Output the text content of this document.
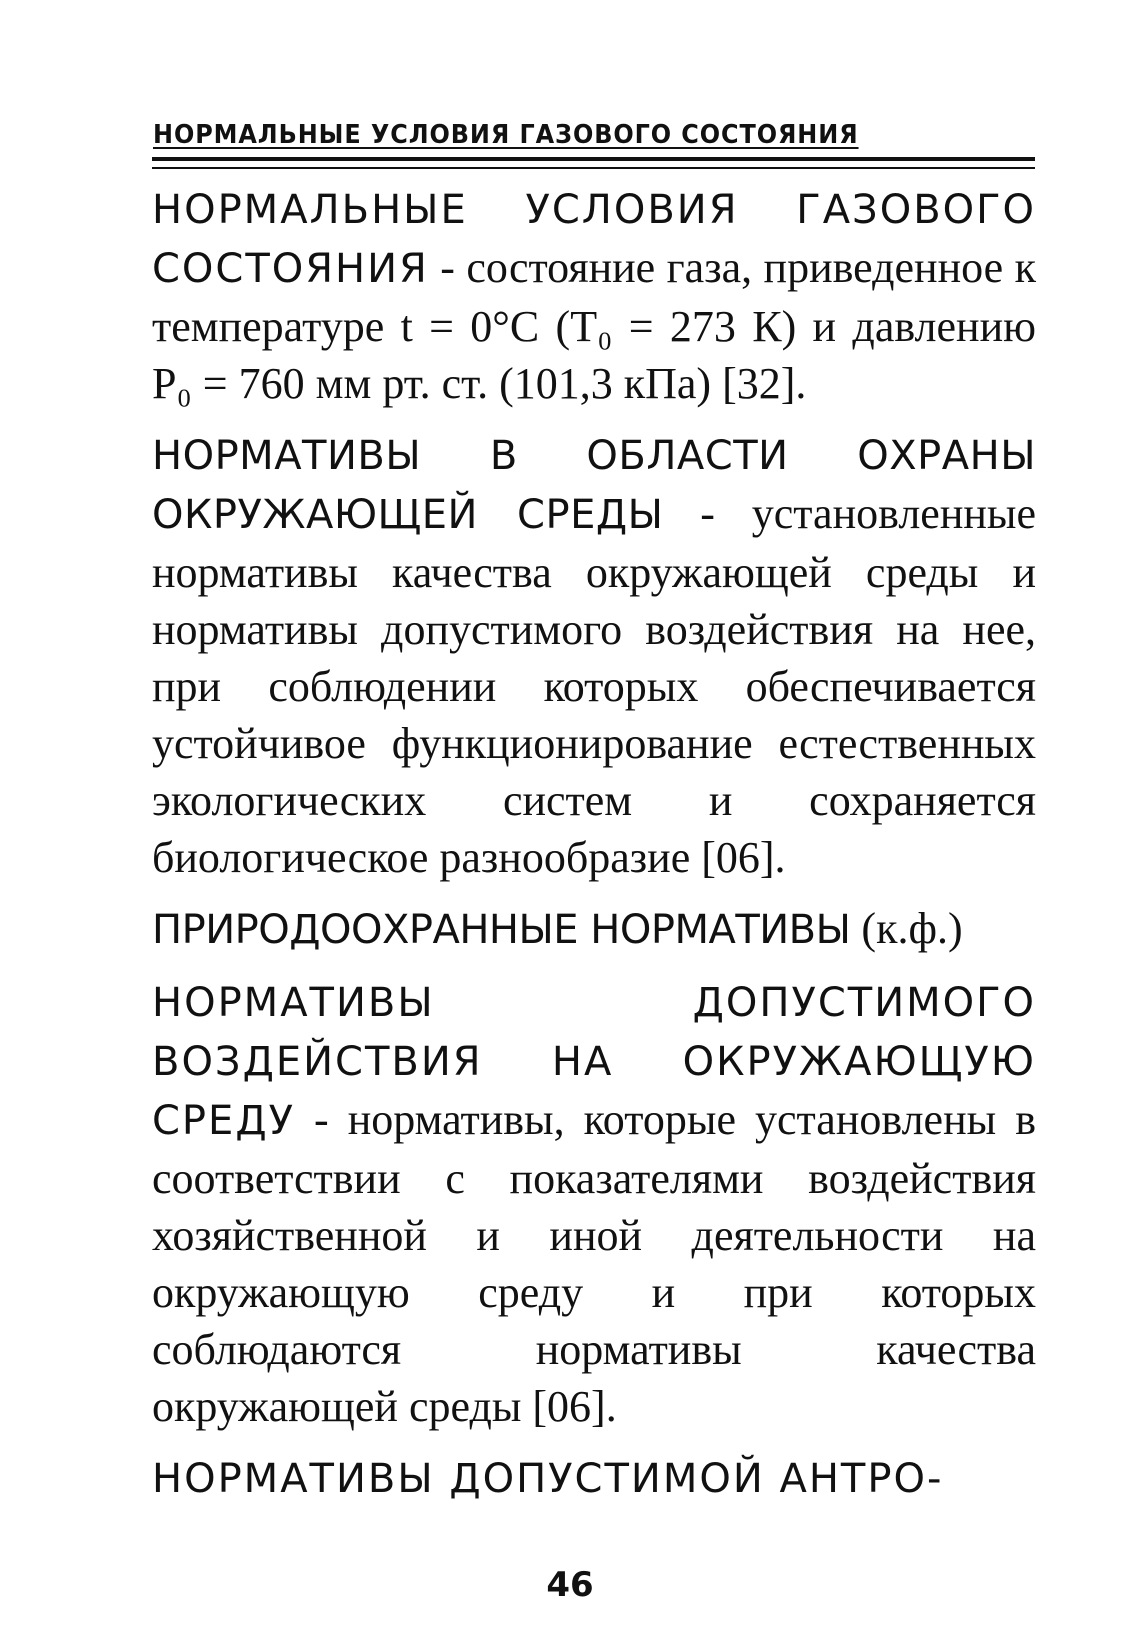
НОРМАЛЬНЫЕ УСЛОВИЯ ГАЗОВОГО СОСТОЯНИЯ

НОРМАЛЬНЫЕ УСЛОВИЯ ГАЗОВОГО СОСТОЯНИЯ - состояние газа, приведенное к температуре t = 0°С (T₀ = 273 К) и давлению P₀ = 760 мм рт. ст. (101,3 кПа) [32].

НОРМАТИВЫ В ОБЛАСТИ ОХРАНЫ ОКРУЖАЮЩЕЙ СРЕДЫ - установленные нормативы качества окружающей среды и нормативы допустимого воздействия на нее, при соблюдении которых обеспечивается устойчивое функционирование естественных экологических систем и сохраняется биологическое разнообразие [06].

ПРИРОДООХРАННЫЕ НОРМАТИВЫ (к.ф.)

НОРМАТИВЫ ДОПУСТИМОГО ВОЗДЕЙСТВИЯ НА ОКРУЖАЮЩУЮ СРЕДУ - нормативы, которые установлены в соответствии с показателями воздействия хозяйственной и иной деятельности на окружающую среду и при которых соблюдаются нормативы качества окружающей среды [06].

НОРМАТИВЫ ДОПУСТИМОЙ АНТРО-

46
